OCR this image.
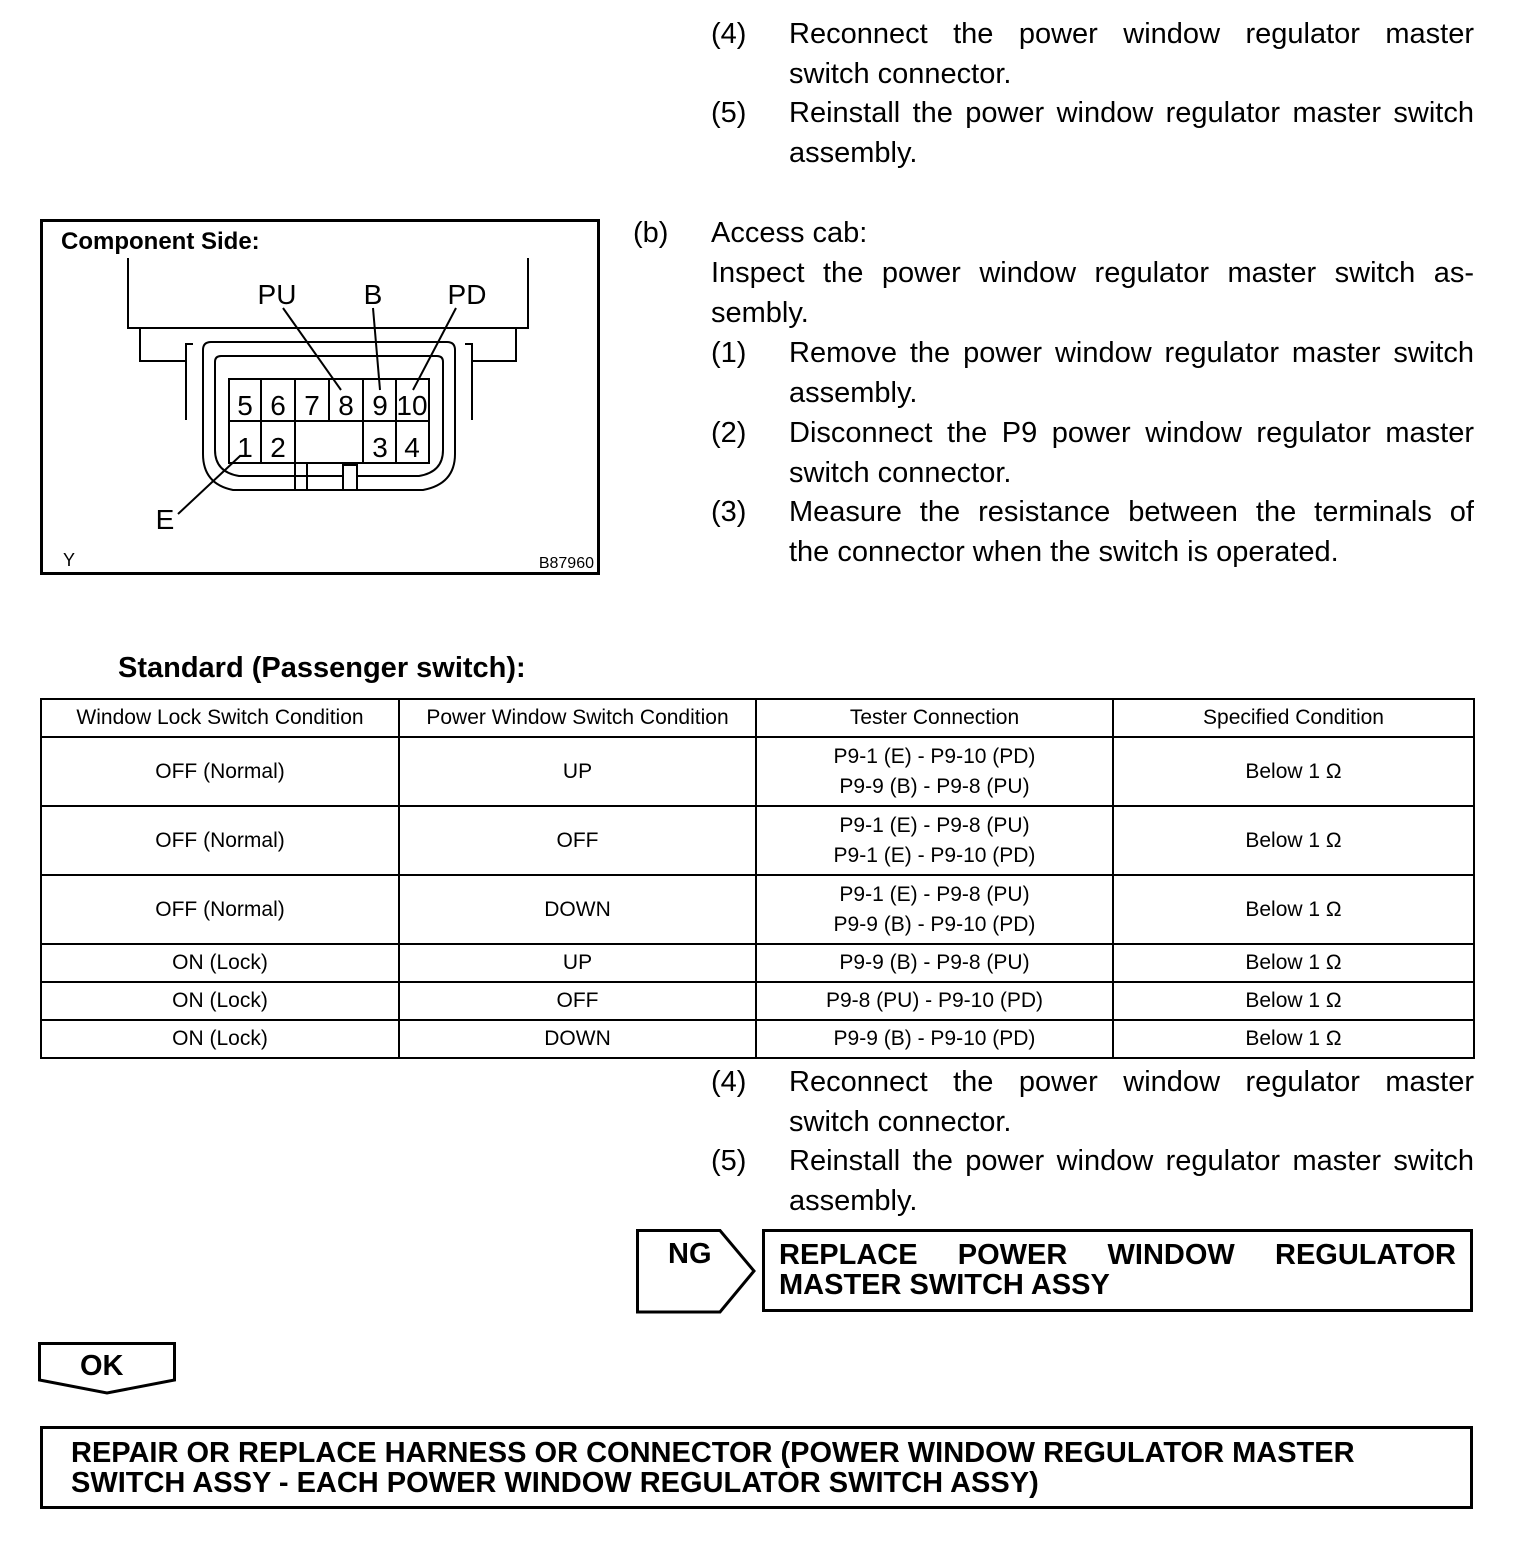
(4) Reconnect the power window regulator master
switch connector.
(5) Reinstall the power window regulator master switch
assembly.
(b) Access cab:
Inspect the power window regulator master switch as-
sembly.
(1) Remove the power window regulator master switch
assembly.
(2) Disconnect the P9 power window regulator master
switch connector.
(3) Measure the resistance between the terminals of
the connector when the switch is operated.
Component Side:
5 6 7 8 9 10
1 2	3 4
PU B PD
E
Y	B87960
Standard (Passenger switch):
Window Lock Switch Condition	Power Window Switch Condition	Tester Connection	Specified Condition
OFF (Normal)	UP	P9-1 (E) - P9-10 (PD)
P9-9 (B) - P9-8 (PU)	Below 1 Ω
OFF (Normal)	OFF	P9-1 (E) - P9-8 (PU)
P9-1 (E) - P9-10 (PD)	Below 1 Ω
OFF (Normal)	DOWN	P9-1 (E) - P9-8 (PU)
P9-9 (B) - P9-10 (PD)	Below 1 Ω
ON (Lock)	UP	P9-9 (B) - P9-8 (PU)	Below 1 Ω
ON (Lock)	OFF	P9-8 (PU) - P9-10 (PD)	Below 1 Ω
ON (Lock)	DOWN	P9-9 (B) - P9-10 (PD)	Below 1 Ω
(4) Reconnect the power window regulator master
switch connector.
(5) Reinstall the power window regulator master switch
assembly.
NG REPLACE POWER WINDOW REGULATOR
MASTER SWITCH ASSY
OK
REPAIR OR REPLACE HARNESS OR CONNECTOR (POWER WINDOW REGULATOR MASTER
SWITCH ASSY - EACH POWER WINDOW REGULATOR SWITCH ASSY)
